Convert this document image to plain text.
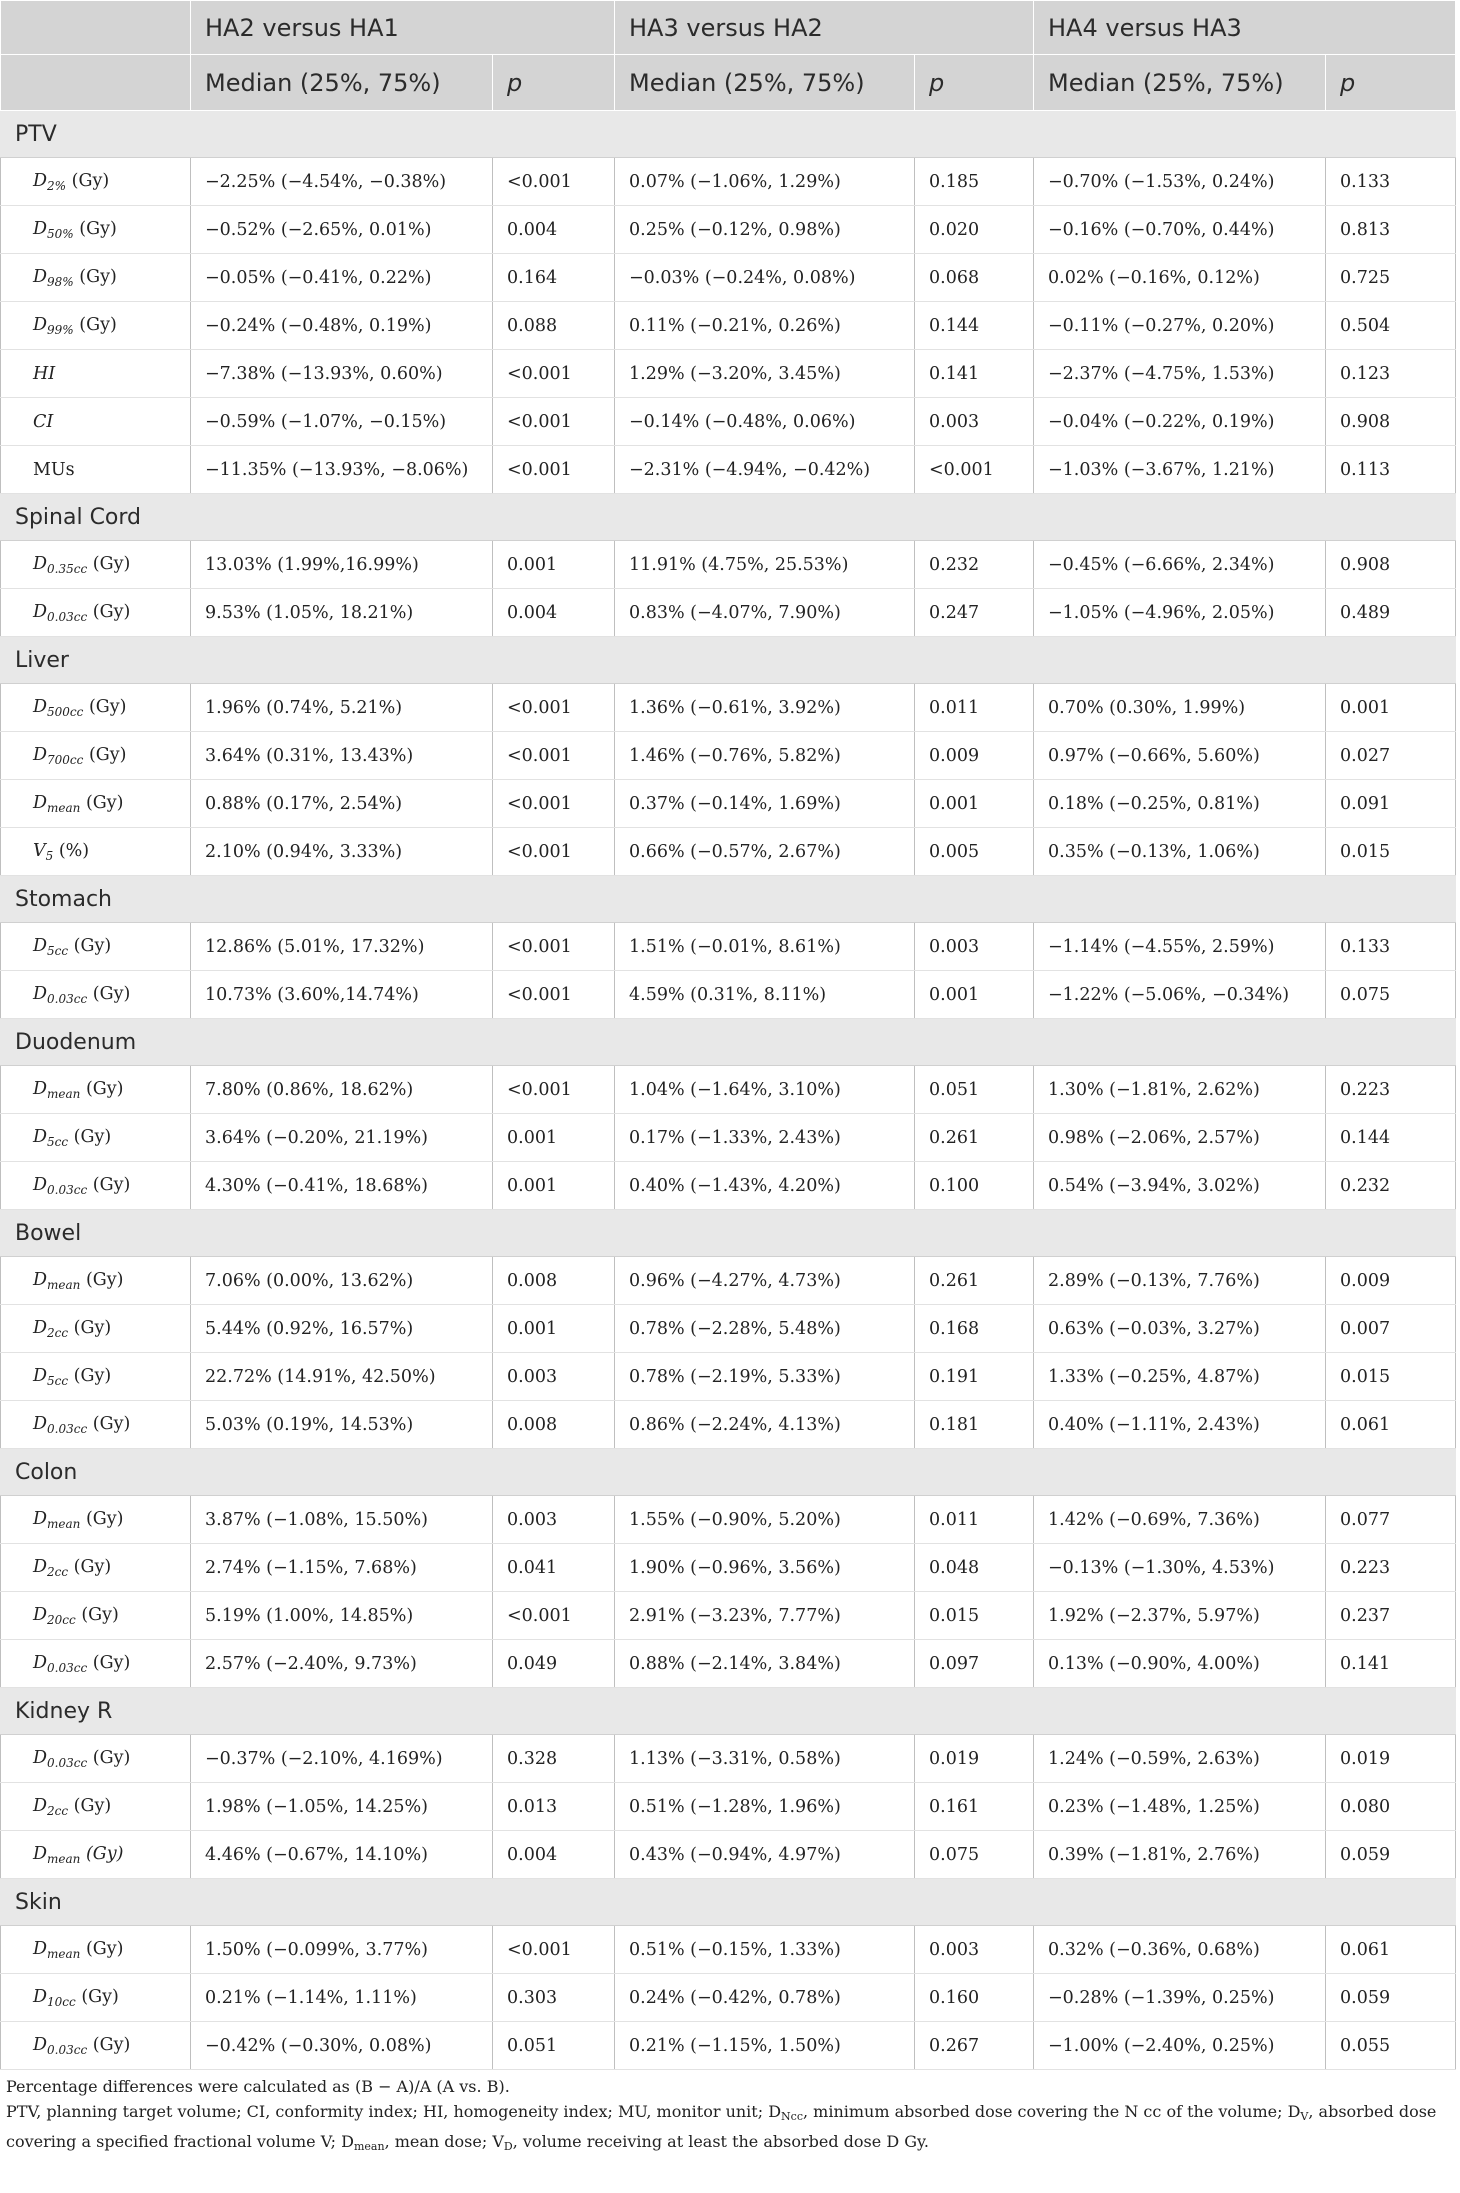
	HA2 versus HA1		HA3 versus HA2		HA4 versus HA3	
	Median (25%, 75%)	p	Median (25%, 75%)	p	Median (25%, 75%)	p
PTV						
$D_{2\%}$ (Gy)	−2.25% (−4.54%, −0.38%)	<0.001	0.07% (−1.06%, 1.29%)	0.185	−0.70% (−1.53%, 0.24%)	0.133
$D_{50\%}$ (Gy)	−0.52% (−2.65%, 0.01%)	0.004	0.25% (−0.12%, 0.98%)	0.020	−0.16% (−0.70%, 0.44%)	0.813
$D_{98\%}$ (Gy)	−0.05% (−0.41%, 0.22%)	0.164	−0.03% (−0.24%, 0.08%)	0.068	0.02% (−0.16%, 0.12%)	0.725
$D_{99\%}$ (Gy)	−0.24% (−0.48%, 0.19%)	0.088	0.11% (−0.21%, 0.26%)	0.144	−0.11% (−0.27%, 0.20%)	0.504
HI	−7.38% (−13.93%, 0.60%)	<0.001	1.29% (−3.20%, 3.45%)	0.141	−2.37% (−4.75%, 1.53%)	0.123
CI	−0.59% (−1.07%, −0.15%)	<0.001	−0.14% (−0.48%, 0.06%)	0.003	−0.04% (−0.22%, 0.19%)	0.908
MUs	−11.35% (−13.93%, −8.06%)	<0.001	−2.31% (−4.94%, −0.42%)	<0.001	−1.03% (−3.67%, 1.21%)	0.113
Spinal Cord						
$D_{0.35cc}$ (Gy)	13.03% (1.99%,16.99%)	0.001	11.91% (4.75%, 25.53%)	0.232	−0.45% (−6.66%, 2.34%)	0.908
$D_{0.03cc}$ (Gy)	9.53% (1.05%, 18.21%)	0.004	0.83% (−4.07%, 7.90%)	0.247	−1.05% (−4.96%, 2.05%)	0.489
Liver						
$D_{500cc}$ (Gy)	1.96% (0.74%, 5.21%)	<0.001	1.36% (−0.61%, 3.92%)	0.011	0.70% (0.30%, 1.99%)	0.001
$D_{700cc}$ (Gy)	3.64% (0.31%, 13.43%)	<0.001	1.46% (−0.76%, 5.82%)	0.009	0.97% (−0.66%, 5.60%)	0.027
$D_{mean}$ (Gy)	0.88% (0.17%, 2.54%)	<0.001	0.37% (−0.14%, 1.69%)	0.001	0.18% (−0.25%, 0.81%)	0.091
$V_5$ (%)	2.10% (0.94%, 3.33%)	<0.001	0.66% (−0.57%, 2.67%)	0.005	0.35% (−0.13%, 1.06%)	0.015
Stomach						
$D_{5cc}$ (Gy)	12.86% (5.01%, 17.32%)	<0.001	1.51% (−0.01%, 8.61%)	0.003	−1.14% (−4.55%, 2.59%)	0.133
$D_{0.03cc}$ (Gy)	10.73% (3.60%,14.74%)	<0.001	4.59% (0.31%, 8.11%)	0.001	−1.22% (−5.06%, −0.34%)	0.075
Duodenum						
$D_{mean}$ (Gy)	7.80% (0.86%, 18.62%)	<0.001	1.04% (−1.64%, 3.10%)	0.051	1.30% (−1.81%, 2.62%)	0.223
$D_{5cc}$ (Gy)	3.64% (−0.20%, 21.19%)	0.001	0.17% (−1.33%, 2.43%)	0.261	0.98% (−2.06%, 2.57%)	0.144
$D_{0.03cc}$ (Gy)	4.30% (−0.41%, 18.68%)	0.001	0.40% (−1.43%, 4.20%)	0.100	0.54% (−3.94%, 3.02%)	0.232
Bowel						
$D_{mean}$ (Gy)	7.06% (0.00%, 13.62%)	0.008	0.96% (−4.27%, 4.73%)	0.261	2.89% (−0.13%, 7.76%)	0.009
$D_{2cc}$ (Gy)	5.44% (0.92%, 16.57%)	0.001	0.78% (−2.28%, 5.48%)	0.168	0.63% (−0.03%, 3.27%)	0.007
$D_{5cc}$ (Gy)	22.72% (14.91%, 42.50%)	0.003	0.78% (−2.19%, 5.33%)	0.191	1.33% (−0.25%, 4.87%)	0.015
$D_{0.03cc}$ (Gy)	5.03% (0.19%, 14.53%)	0.008	0.86% (−2.24%, 4.13%)	0.181	0.40% (−1.11%, 2.43%)	0.061
Colon						
$D_{mean}$ (Gy)	3.87% (−1.08%, 15.50%)	0.003	1.55% (−0.90%, 5.20%)	0.011	1.42% (−0.69%, 7.36%)	0.077
$D_{2cc}$ (Gy)	2.74% (−1.15%, 7.68%)	0.041	1.90% (−0.96%, 3.56%)	0.048	−0.13% (−1.30%, 4.53%)	0.223
$D_{20cc}$ (Gy)	5.19% (1.00%, 14.85%)	<0.001	2.91% (−3.23%, 7.77%)	0.015	1.92% (−2.37%, 5.97%)	0.237
$D_{0.03cc}$ (Gy)	2.57% (−2.40%, 9.73%)	0.049	0.88% (−2.14%, 3.84%)	0.097	0.13% (−0.90%, 4.00%)	0.141
Kidney R						
$D_{0.03cc}$ (Gy)	−0.37% (−2.10%, 4.169%)	0.328	1.13% (−3.31%, 0.58%)	0.019	1.24% (−0.59%, 2.63%)	0.019
$D_{2cc}$ (Gy)	1.98% (−1.05%, 14.25%)	0.013	0.51% (−1.28%, 1.96%)	0.161	0.23% (−1.48%, 1.25%)	0.080
$D_{mean}$ (Gy)	4.46% (−0.67%, 14.10%)	0.004	0.43% (−0.94%, 4.97%)	0.075	0.39% (−1.81%, 2.76%)	0.059
Skin						
$D_{mean}$ (Gy)	1.50% (−0.099%, 3.77%)	<0.001	0.51% (−0.15%, 1.33%)	0.003	0.32% (−0.36%, 0.68%)	0.061
$D_{10cc}$ (Gy)	0.21% (−1.14%, 1.11%)	0.303	0.24% (−0.42%, 0.78%)	0.160	−0.28% (−1.39%, 0.25%)	0.059
$D_{0.03cc}$ (Gy)	−0.42% (−0.30%, 0.08%)	0.051	0.21% (−1.15%, 1.50%)	0.267	−1.00% (−2.40%, 0.25%)	0.055

Percentage differences were calculated as (B − A)/A (A vs. B).

PTV, planning target volume; CI, conformity index; HI, homogeneity index; MU, monitor unit; DNcc, minimum absorbed dose covering the N cc of the volume; DV, absorbed dose covering a specified fractional volume V; Dmean, mean dose; VD, volume receiving at least the absorbed dose D Gy.
